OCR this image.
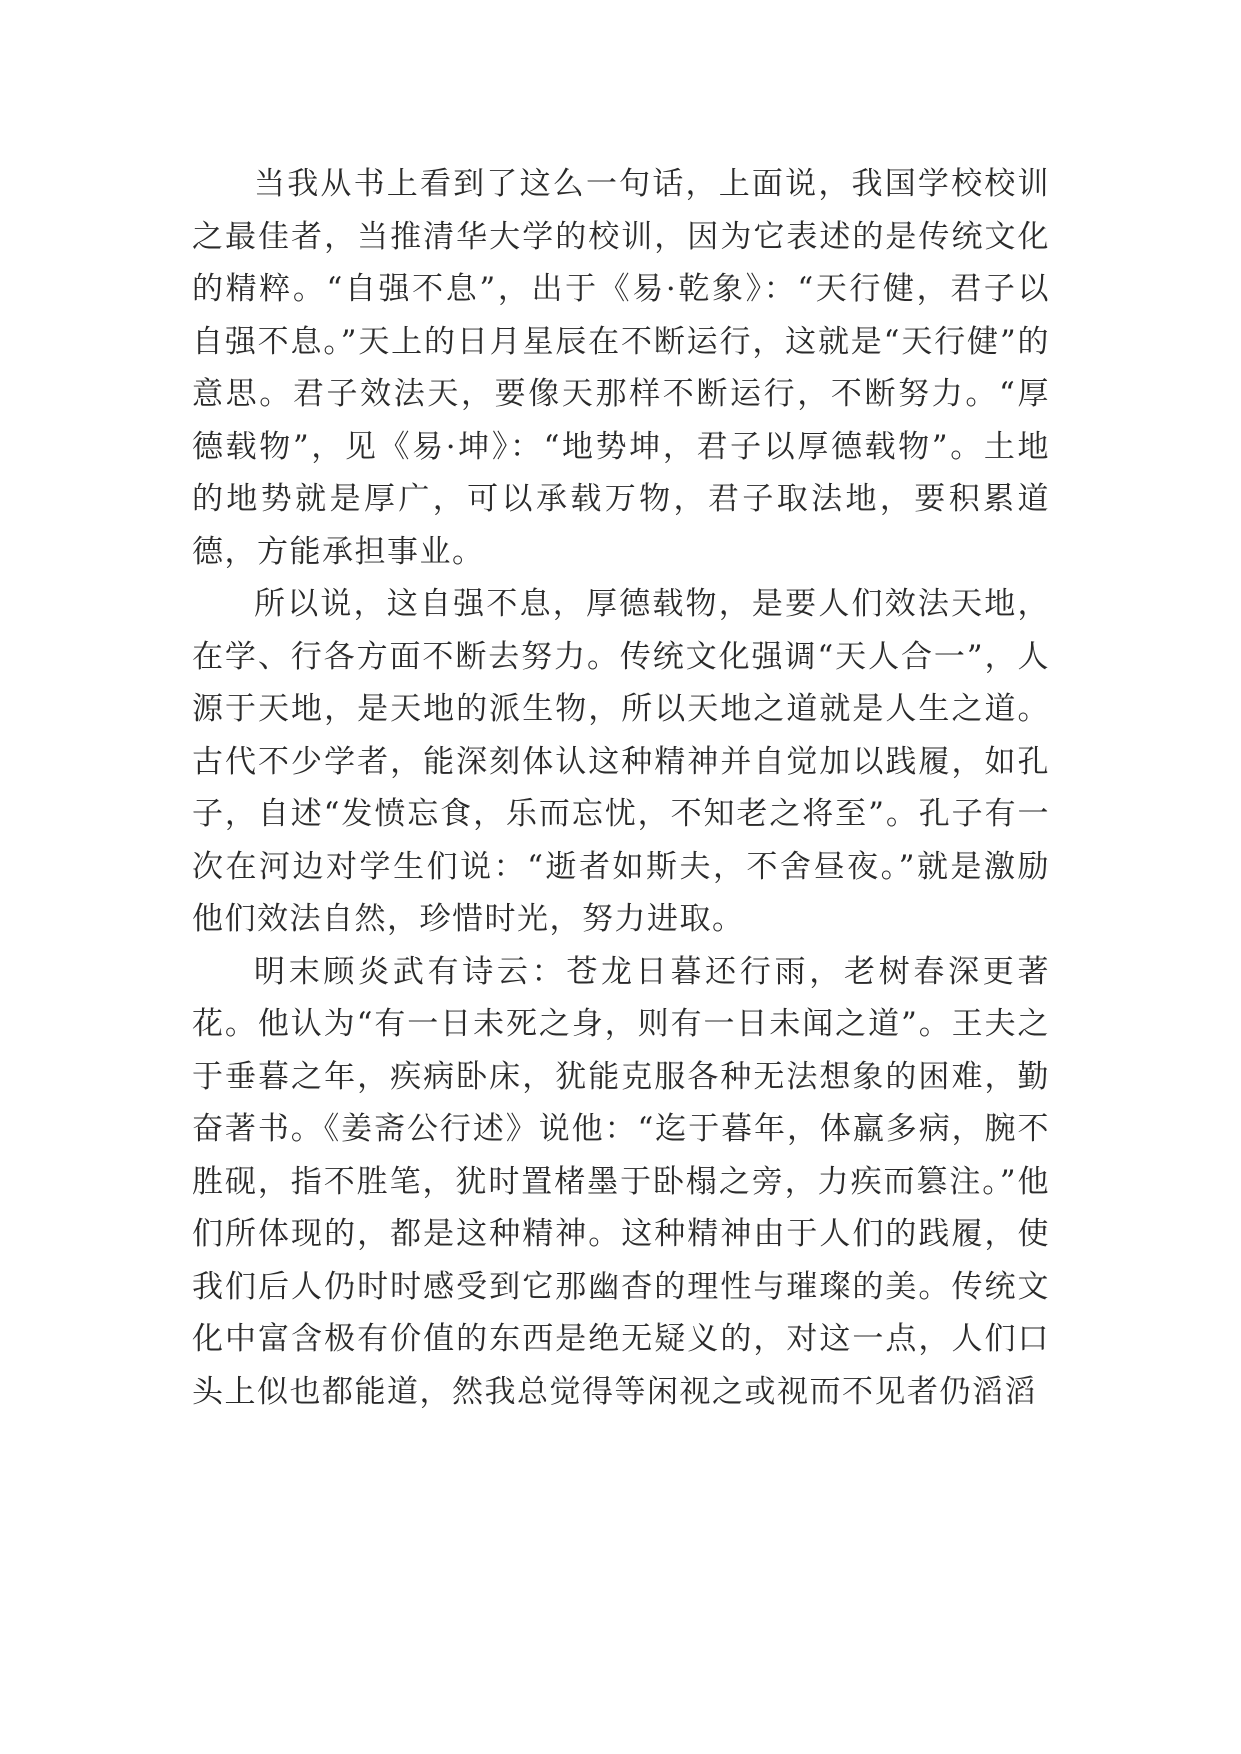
当我从书上看到了这么一句话，上面说，我国学校校训之最佳者，当推清华大学的校训，因为它表述的是传统文化的精粹。“自强不息”，出于《易·乾象》：“天行健，君子以自强不息。”天上的日月星辰在不断运行，这就是“天行健”的意思。君子效法天，要像天那样不断运行，不断努力。“厚德载物”，见《易·坤》：“地势坤，君子以厚德载物”。土地的地势就是厚广，可以承载万物，君子取法地，要积累道德，方能承担事业。

所以说，这自强不息，厚德载物，是要人们效法天地，在学、行各方面不断去努力。传统文化强调“天人合一”，人源于天地，是天地的派生物，所以天地之道就是人生之道。古代不少学者，能深刻体认这种精神并自觉加以践履，如孔子，自述“发愤忘食，乐而忘忧，不知老之将至”。孔子有一次在河边对学生们说：“逝者如斯夫，不舍昼夜。”就是激励他们效法自然，珍惜时光，努力进取。

明末顾炎武有诗云：苍龙日暮还行雨，老树春深更著花。他认为“有一日未死之身，则有一日未闻之道”。王夫之于垂暮之年，疾病卧床，犹能克服各种无法想象的困难，勤奋著书。《姜斋公行述》说他：“迄于暮年，体羸多病，腕不胜砚，指不胜笔，犹时置楮墨于卧榻之旁，力疾而篡注。”他们所体现的，都是这种精神。这种精神由于人们的践履，使我们后人仍时时感受到它那幽杳的理性与璀璨的美。传统文化中富含极有价值的东西是绝无疑义的，对这一点，人们口头上似也都能道，然我总觉得等闲视之或视而不见者仍滔滔
